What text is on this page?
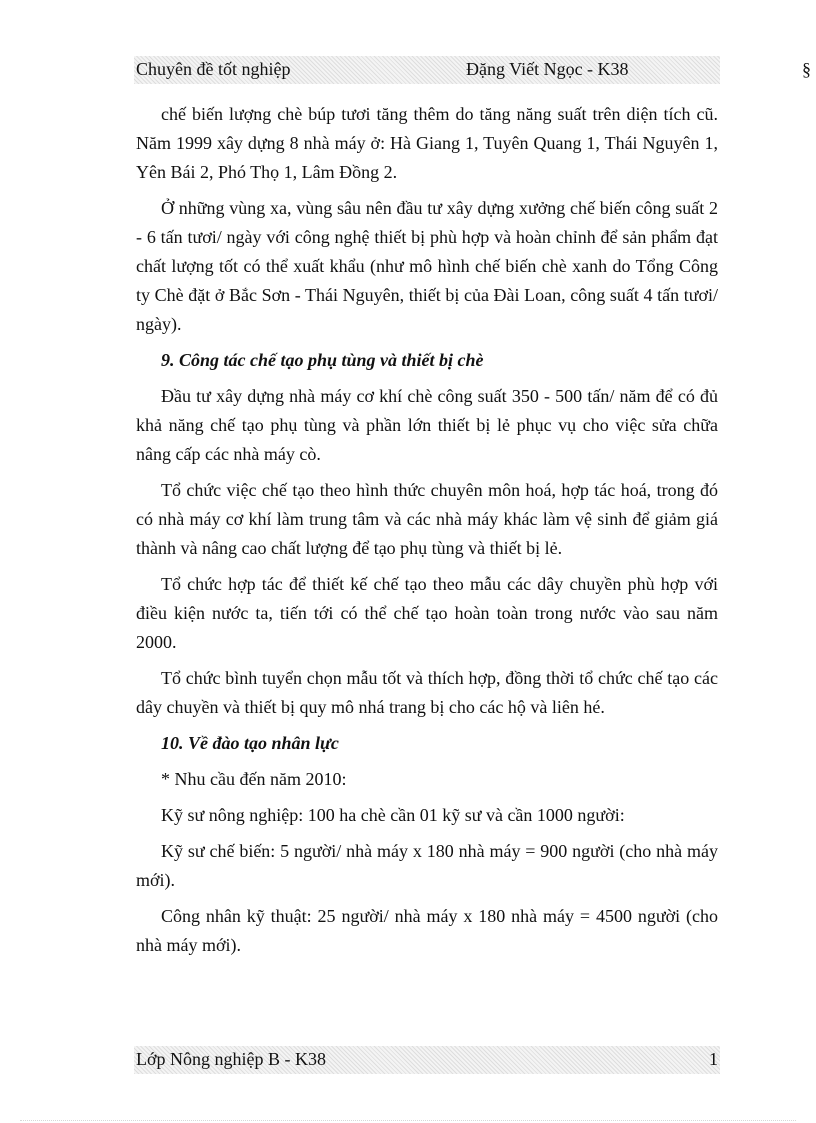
Chuyên đề tốt nghiệp	Đặng Viết Ngọc - K38	§

chế biến lượng chè búp tươi tăng thêm do tăng năng suất trên diện tích cũ. Năm 1999 xây dựng 8 nhà máy ở: Hà Giang 1, Tuyên Quang 1, Thái Nguyên 1, Yên Bái 2, Phó Thọ 1, Lâm Đồng 2.

Ở những vùng xa, vùng sâu nên đầu tư xây dựng xưởng chế biến công suất 2 - 6 tấn tươi/ ngày với công nghệ thiết bị phù hợp và hoàn chỉnh để sản phẩm đạt chất lượng tốt có thể xuất khẩu (như mô hình chế biến chè xanh do Tổng Công ty Chè đặt ở Bắc Sơn - Thái Nguyên, thiết bị của Đài Loan, công suất 4 tấn tươi/ ngày).

9. Công tác chế tạo phụ tùng và thiết bị chè

Đầu tư xây dựng nhà máy cơ khí chè công suất 350 - 500 tấn/ năm để có đủ khả năng chế tạo phụ tùng và phần lớn thiết bị lẻ phục vụ cho việc sửa chữa nâng cấp các nhà máy cò.

Tổ chức việc chế tạo theo hình thức chuyên môn hoá, hợp tác hoá, trong đó có nhà máy cơ khí làm trung tâm và các nhà máy khác làm vệ sinh để giảm giá thành và nâng cao chất lượng để tạo phụ tùng và thiết bị lẻ.

Tổ chức hợp tác để thiết kế chế tạo theo mẫu các dây chuyền phù hợp với điều kiện nước ta, tiến tới có thể chế tạo hoàn toàn trong nước vào sau năm 2000.

Tổ chức bình tuyển chọn mẫu tốt và thích hợp, đồng thời tổ chức chế tạo các dây chuyền và thiết bị quy mô nhá trang bị cho các hộ và liên hé.

10. Về đào tạo nhân lực

* Nhu cầu đến năm 2010:

Kỹ sư nông nghiệp: 100 ha chè cần 01 kỹ sư và cần 1000 người:

Kỹ sư chế biến: 5 người/ nhà máy x 180 nhà máy = 900 người (cho nhà máy mới).

Công nhân kỹ thuật: 25 người/ nhà máy x 180 nhà máy = 4500 người (cho nhà máy mới).

Lớp Nông nghiệp B - K38	1
